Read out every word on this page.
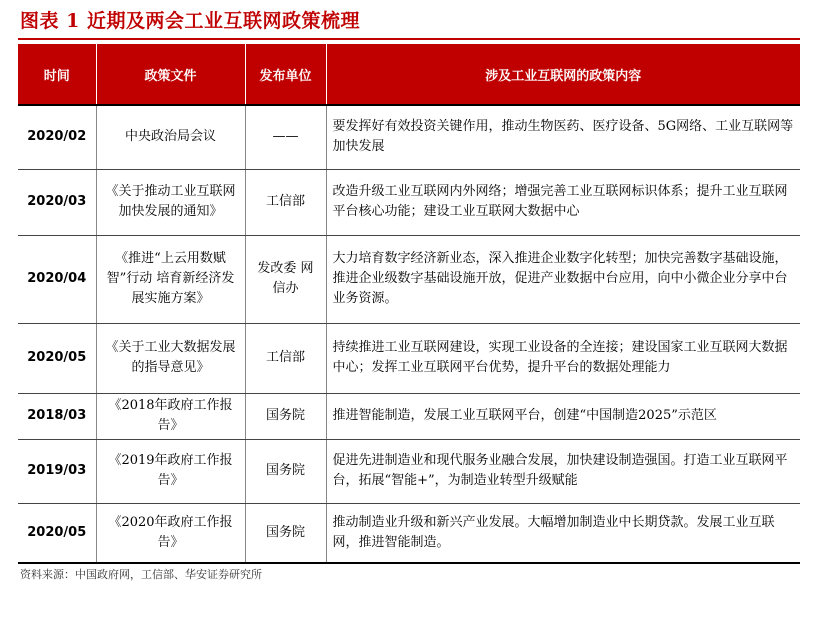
图表 1 近期及两会工业互联网政策梳理
时间	政策文件	发布单位	涉及工业互联网的政策内容
2020/02	中央政治局会议	——	要发挥好有效投资关键作用，推动生物医药、医疗设备、5G网络、工业互联网等加快发展
2020/03	《关于推动工业互联网加快发展的通知》	工信部	改造升级工业互联网内外网络；增强完善工业互联网标识体系；提升工业互联网平台核心功能；建设工业互联网大数据中心
2020/04	《推进“上云用数赋智”行动 培育新经济发展实施方案》	发改委 网信办	大力培育数字经济新业态，深入推进企业数字化转型；加快完善数字基础设施，推进企业级数字基础设施开放，促进产业数据中台应用，向中小微企业分享中台业务资源。
2020/05	《关于工业大数据发展的指导意见》	工信部	持续推进工业互联网建设，实现工业设备的全连接；建设国家工业互联网大数据中心；发挥工业互联网平台优势，提升平台的数据处理能力
2018/03	《2018年政府工作报告》	国务院	推进智能制造，发展工业互联网平台，创建“中国制造2025”示范区
2019/03	《2019年政府工作报告》	国务院	促进先进制造业和现代服务业融合发展，加快建设制造强国。打造工业互联网平台，拓展“智能+”，为制造业转型升级赋能
2020/05	《2020年政府工作报告》	国务院	推动制造业升级和新兴产业发展。大幅增加制造业中长期贷款。发展工业互联网，推进智能制造。
资料来源：中国政府网，工信部、华安证券研究所
